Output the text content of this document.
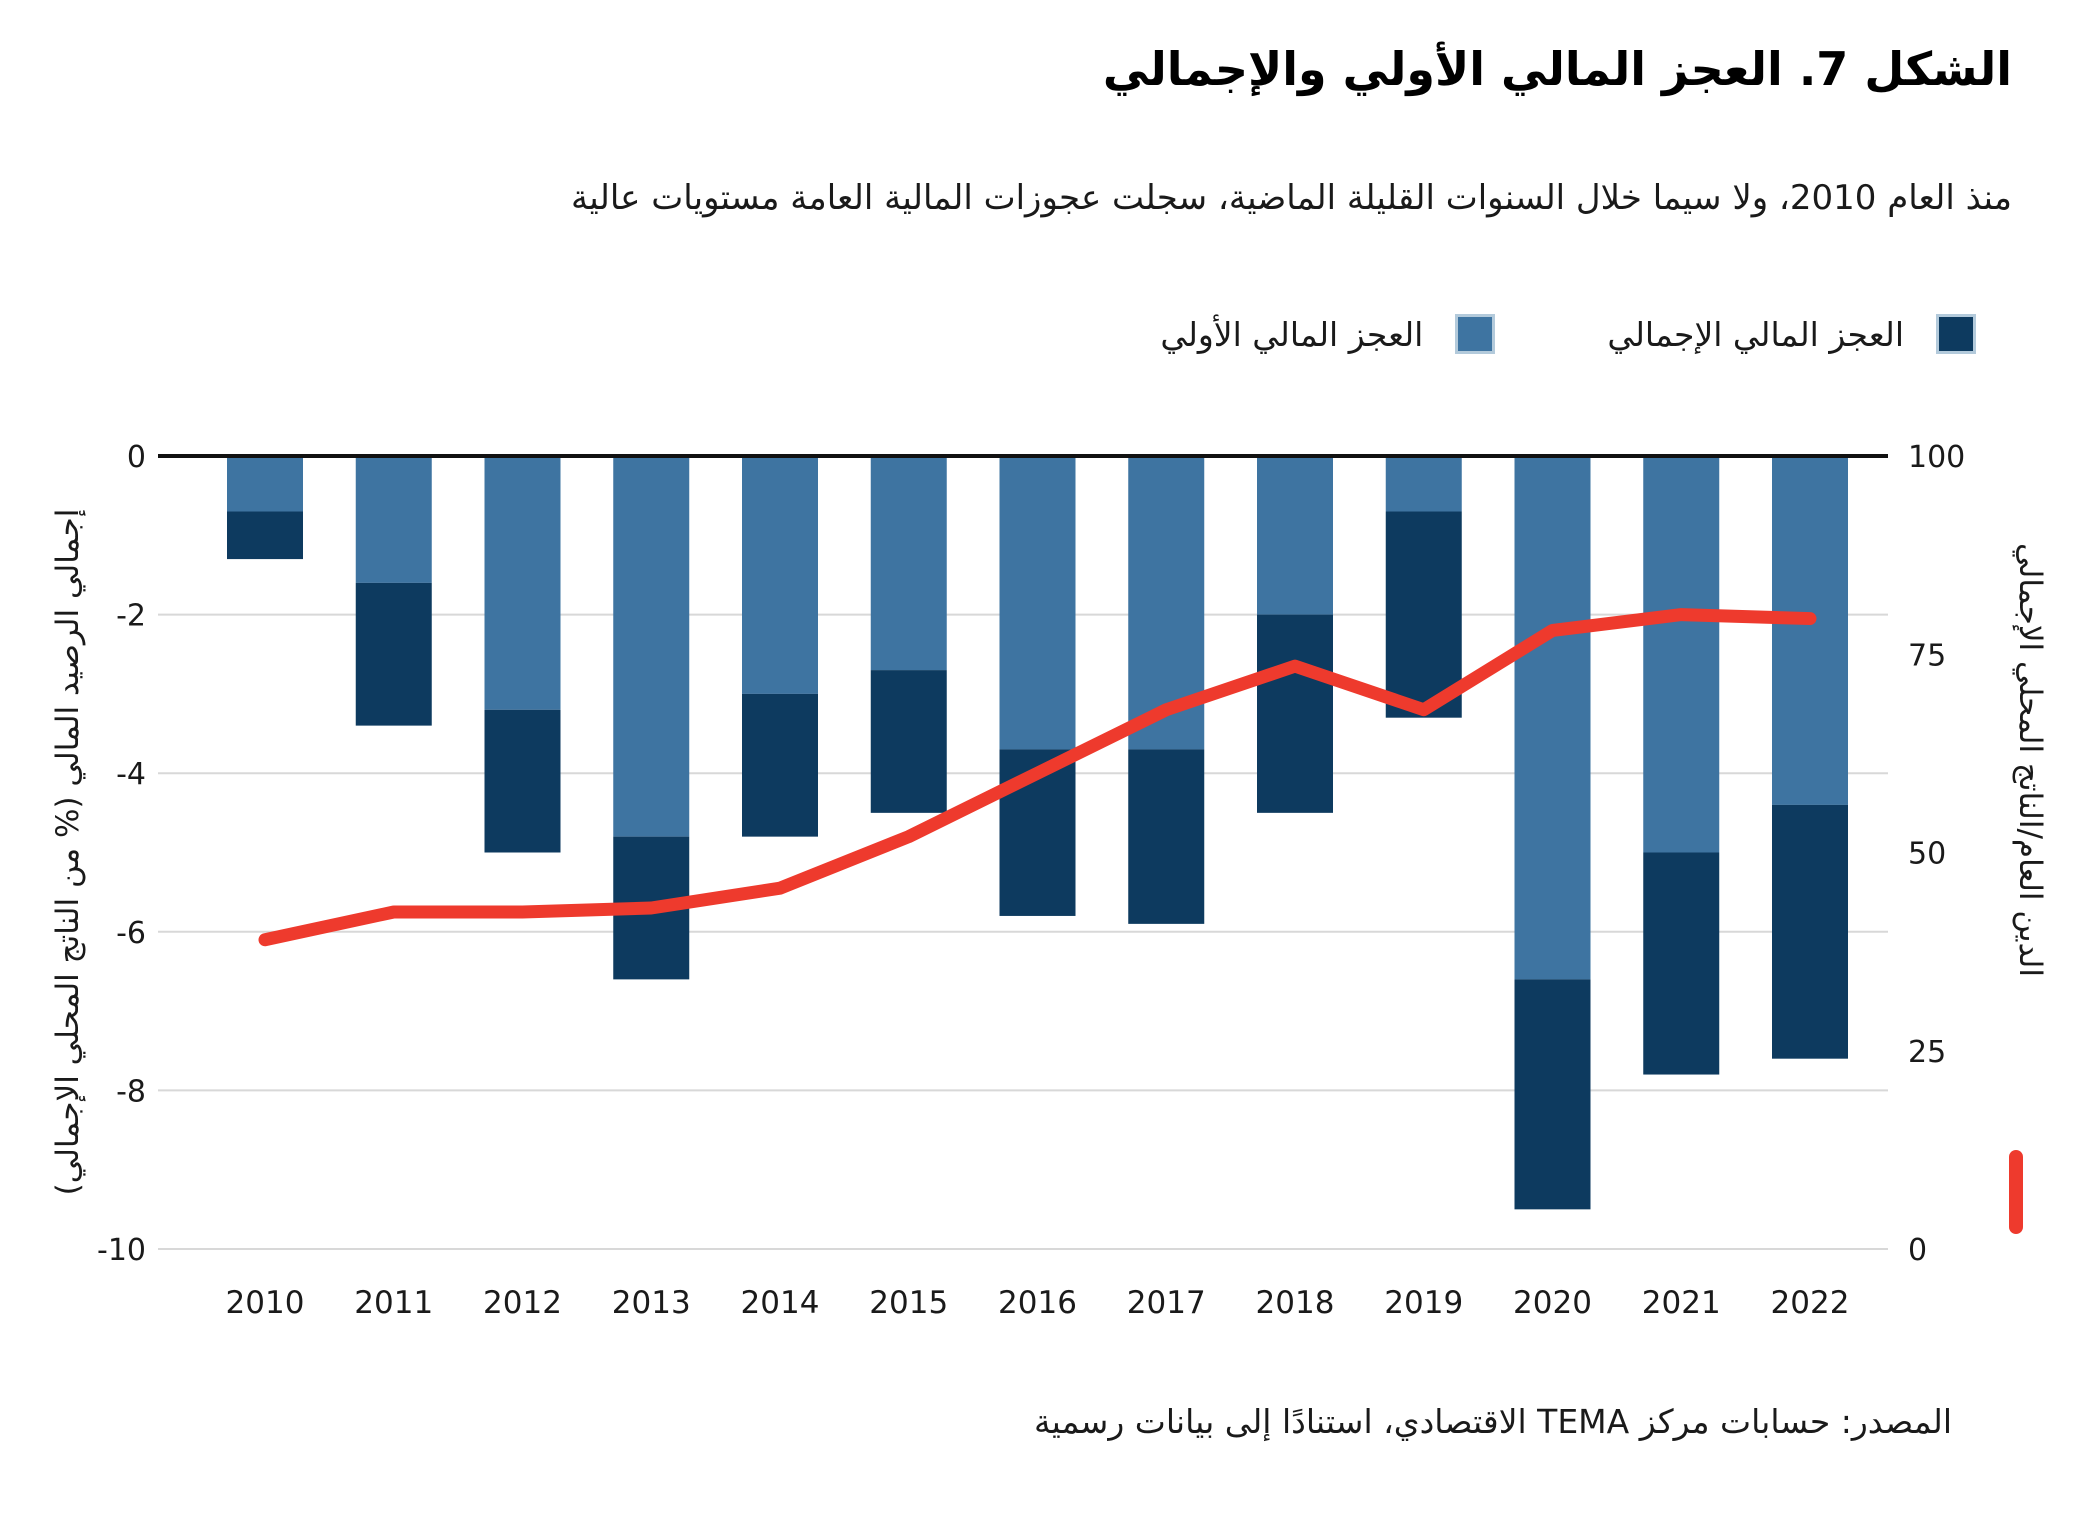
الشكل 7. العجز المالي الأولي والإجمالي

منذ العام 2010، ولا سيما خلال السنوات القليلة الماضية، سجلت عجوزات المالية العامة مستويات عالية

العجز المالي الإجمالي
العجز المالي الأولي
0
-2
-4
-6
-8
-10
100
75
50
25
0
2010 2011 2012 2013 2014 2015 2016 2017 2018 2019 2020 2021 2022
إجمالي الرصيد المالي (% من الناتج المحلي الإجمالي)	الدين العام/الناتج المحلي الإجمالي
المصدر: حسابات مركز TEMA الاقتصادي، استنادًا إلى بيانات رسمية
